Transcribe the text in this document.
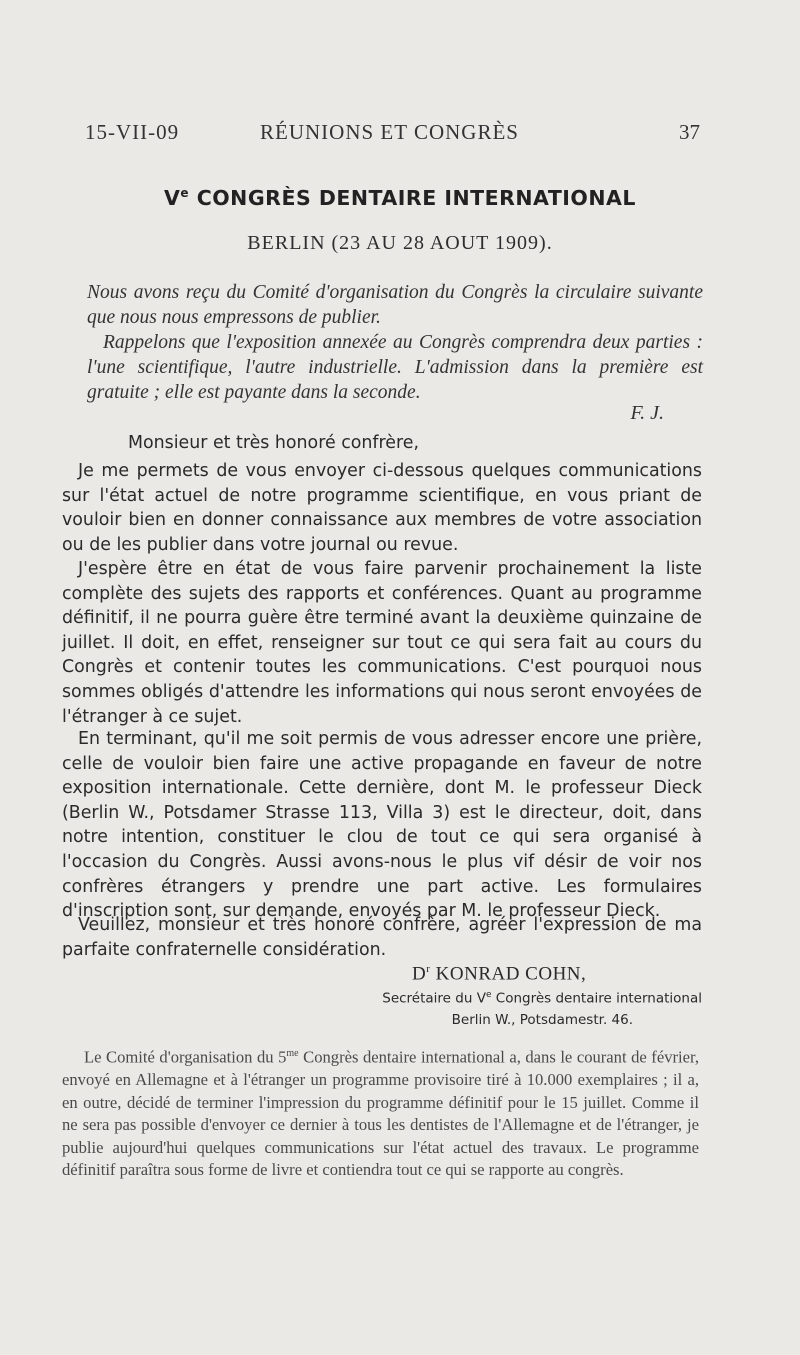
15-VII-09	RÉUNIONS ET CONGRÈS	37
Ve CONGRÈS DENTAIRE INTERNATIONAL
BERLIN (23 AU 28 AOUT 1909).

Nous avons reçu du Comité d'organisation du Congrès la circulaire suivante que nous nous empressons de publier.

Rappelons que l'exposition annexée au Congrès comprendra deux parties : l'une scientifique, l'autre industrielle. L'admission dans la première est gratuite ; elle est payante dans la seconde.

F. J.

Monsieur et très honoré confrère,

Je me permets de vous envoyer ci-dessous quelques communications sur l'état actuel de notre programme scientifique, en vous priant de vouloir bien en donner connaissance aux membres de votre association ou de les publier dans votre journal ou revue.

J'espère être en état de vous faire parvenir prochainement la liste complète des sujets des rapports et conférences. Quant au programme définitif, il ne pourra guère être terminé avant la deuxième quinzaine de juillet. Il doit, en effet, renseigner sur tout ce qui sera fait au cours du Congrès et contenir toutes les communications. C'est pourquoi nous sommes obligés d'attendre les informations qui nous seront envoyées de l'étranger à ce sujet.

En terminant, qu'il me soit permis de vous adresser encore une prière, celle de vouloir bien faire une active propagande en faveur de notre exposition internationale. Cette dernière, dont M. le professeur Dieck (Berlin W., Potsdamer Strasse 113, Villa 3) est le directeur, doit, dans notre intention, constituer le clou de tout ce qui sera organisé à l'occasion du Congrès. Aussi avons-nous le plus vif désir de voir nos confrères étrangers y prendre une part active. Les formulaires d'inscription sont, sur demande, envoyés par M. le professeur Dieck.

Veuillez, monsieur et très honoré confrère, agréer l'expression de ma parfaite confraternelle considération.

$D^r$ KONRAD COHN,
Secrétaire du Ve Congrès dentaire international
Berlin W., Potsdamestr. 46.

Le Comité d'organisation du $5^{me}$ Congrès dentaire international a, dans le courant de février, envoyé en Allemagne et à l'étranger un programme provisoire tiré à 10.000 exemplaires ; il a, en outre, décidé de terminer l'impression du programme définitif pour le 15 juillet. Comme il ne sera pas possible d'envoyer ce dernier à tous les dentistes de l'Allemagne et de l'étranger, je publie aujourd'hui quelques communications sur l'état actuel des travaux. Le programme définitif paraîtra sous forme de livre et contiendra tout ce qui se rapporte au congrès.
